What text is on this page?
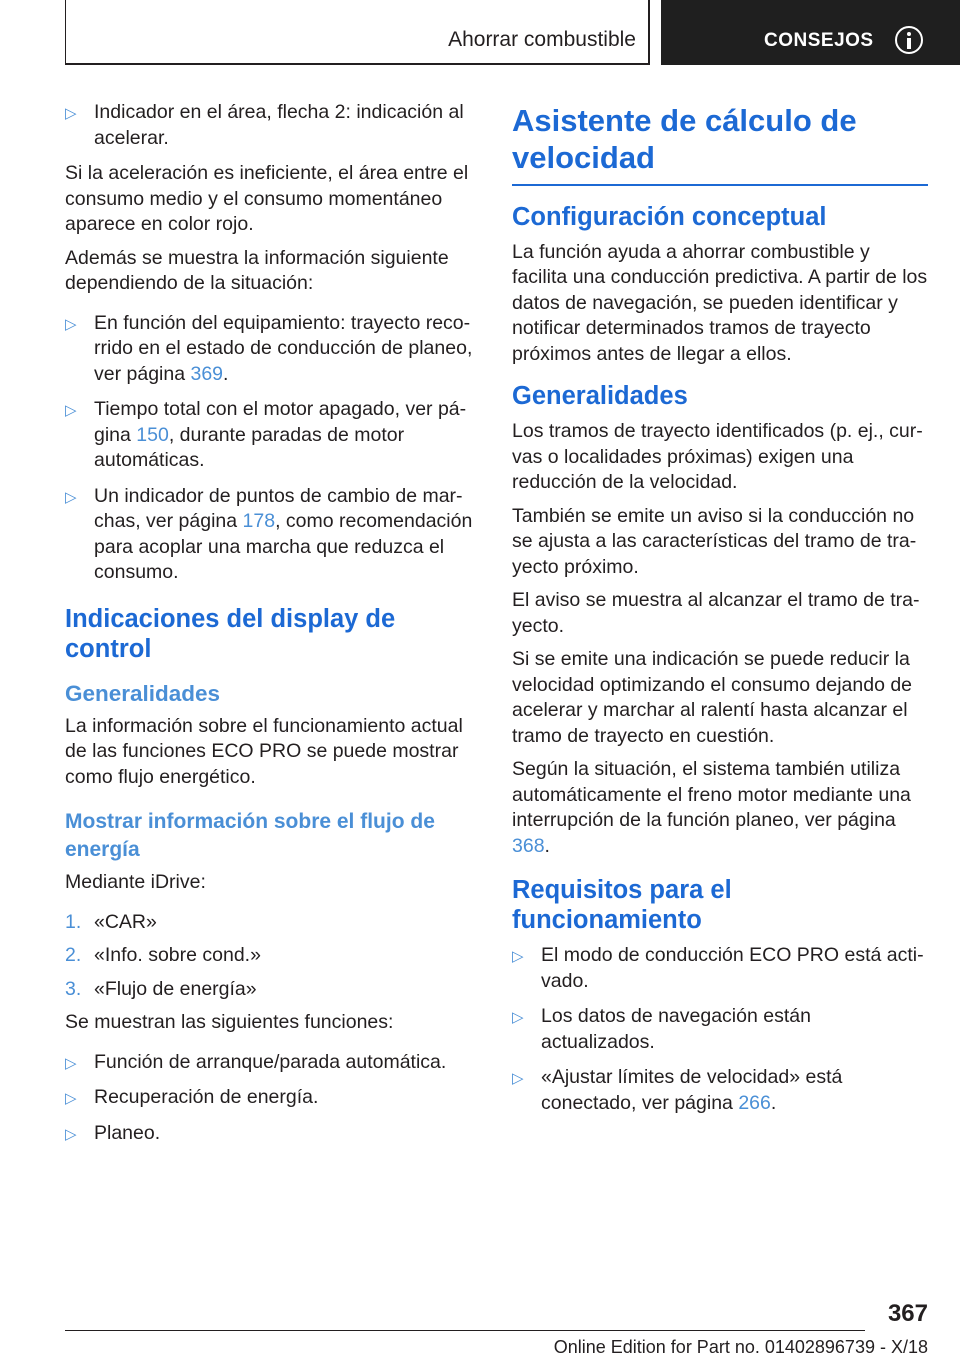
Ahorrar combustible	CONSEJOS
▷ Indicador en el área, flecha 2: indicación al acelerar.

Si la aceleración es ineficiente, el área entre el consumo medio y el consumo momentáneo aparece en color rojo.

Además se muestra la información siguiente dependiendo de la situación:

▷ En función del equipamiento: trayecto recorrido en el estado de conducción de planeo, ver página 369.
▷ Tiempo total con el motor apagado, ver página 150, durante paradas de motor automáticas.
▷ Un indicador de puntos de cambio de marchas, ver página 178, como recomendación para acoplar una marcha que reduzca el consumo.
Indicaciones del display de control
Generalidades

La información sobre el funcionamiento actual de las funciones ECO PRO se puede mostrar como flujo energético.

Mostrar información sobre el flujo de energía

Mediante iDrive:

1. «CAR»
2. «Info. sobre cond.»
3. «Flujo de energía»

Se muestran las siguientes funciones:

▷ Función de arranque/parada automática.
▷ Recuperación de energía.
▷ Planeo.
Asistente de cálculo de velocidad
Configuración conceptual

La función ayuda a ahorrar combustible y facilita una conducción predictiva. A partir de los datos de navegación, se pueden identificar y notificar determinados tramos de trayecto próximos antes de llegar a ellos.

Generalidades

Los tramos de trayecto identificados (p. ej., curvas o localidades próximas) exigen una reducción de la velocidad.

También se emite un aviso si la conducción no se ajusta a las características del tramo de trayecto próximo.

El aviso se muestra al alcanzar el tramo de trayecto.

Si se emite una indicación se puede reducir la velocidad optimizando el consumo dejando de acelerar y marchar al ralentí hasta alcanzar el tramo de trayecto en cuestión.

Según la situación, el sistema también utiliza automáticamente el freno motor mediante una interrupción de la función planeo, ver página 368.

Requisitos para el funcionamiento
▷ El modo de conducción ECO PRO está activado.
▷ Los datos de navegación están actualizados.
▷ «Ajustar límites de velocidad» está conectado, ver página 266.
367
Online Edition for Part no. 01402896739 - X/18
